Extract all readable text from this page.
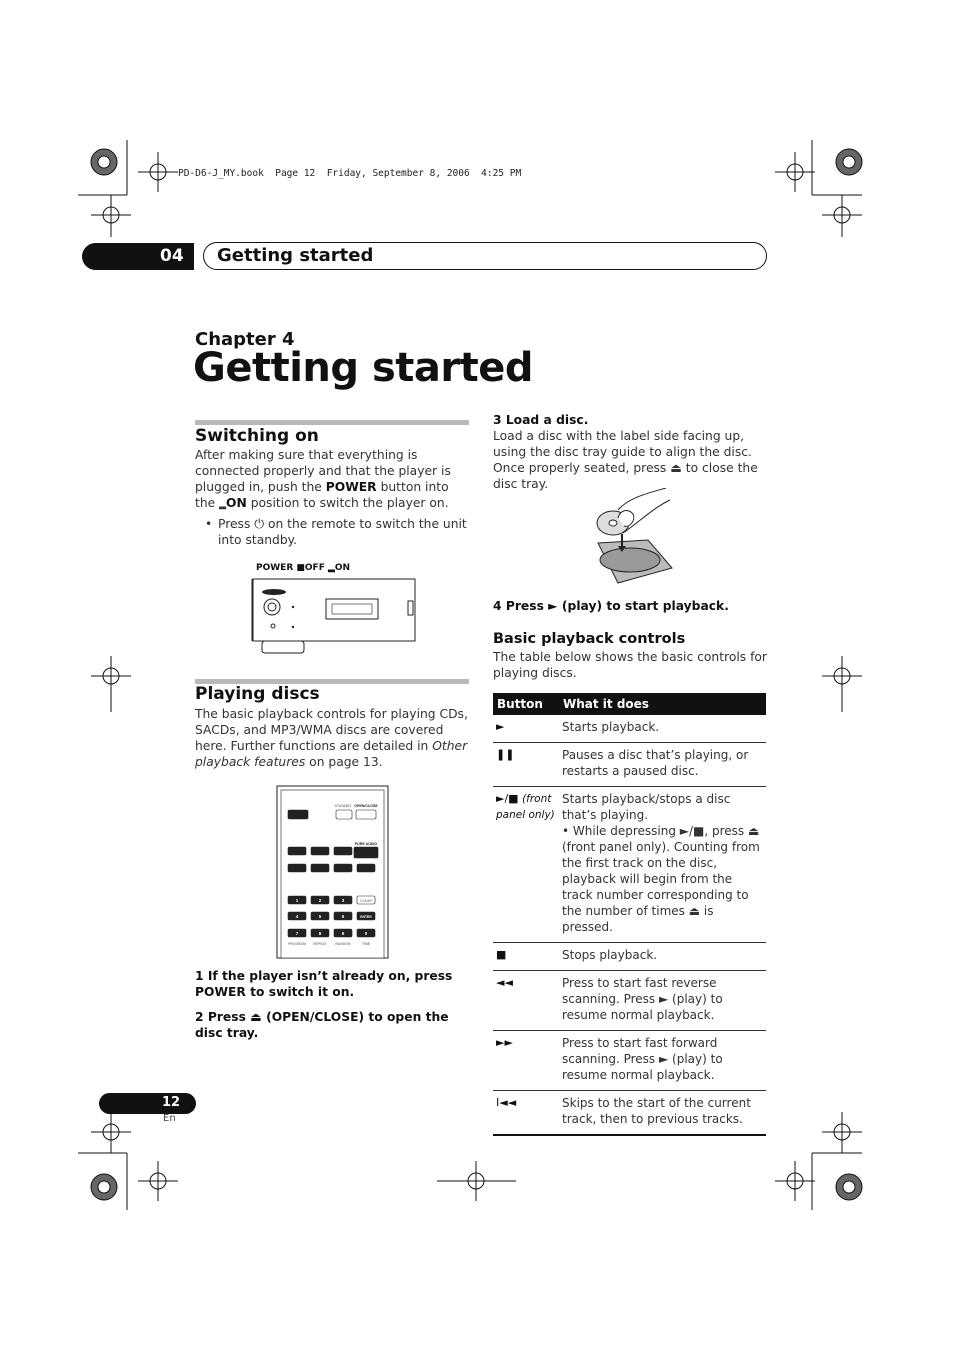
PD-D6-J_MY.book  Page 12  Friday, September 8, 2006  4:25 PM
04	Getting started
Chapter 4
Getting started
Switching on
After making sure that everything is connected properly and that the player is plugged in, push the POWER button into the ▂ON position to switch the player on.
• Press ⏻ on the remote to switch the unit into standby.
POWER ■OFF ▂ON
Playing discs
The basic playback controls for playing CDs, SACDs, and MP3/WMA discs are covered here. Further functions are detailed in Other playback features on page 13.
STANDBY OPEN/CLOSE
PURE AUDIO
1	2	3
4	5	6
7	8	9
CLEAR
ENTER
0
PROGRAM REPEAT	RANDOM	TIME
1 If the player isn’t already on, press POWER to switch it on.
2 Press ⏏ (OPEN/CLOSE) to open the disc tray.
3 Load a disc.
Load a disc with the label side facing up, using the disc tray guide to align the disc. Once properly seated, press ⏏ to close the disc tray.
4 Press ► (play) to start playback.
Basic playback controls
The table below shows the basic controls for playing discs.
Button	What it does
►	Starts playback.
❚❚	Pauses a disc that’s playing, or restarts a paused disc.
►/■ (front panel only)	Starts playback/stops a disc that’s playing.
• While depressing ►/■, press ⏏ (front panel only). Counting from the first track on the disc, playback will begin from the track number corresponding to the number of times ⏏ is pressed.
■	Stops playback.
◄◄	Press to start fast reverse scanning. Press ► (play) to resume normal playback.
►►	Press to start fast forward scanning. Press ► (play) to resume normal playback.
I◄◄	Skips to the start of the current track, then to previous tracks.
12
En
